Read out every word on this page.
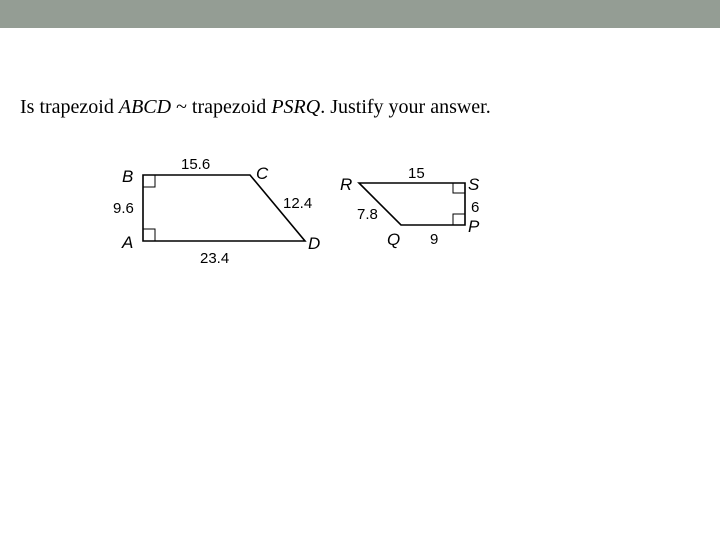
Is trapezoid ABCD ~ trapezoid PSRQ. Justify your answer.
B	C
A	D
15.6
9.6	12.4
23.4
R	S
P
Q
15
6
7.8
9
